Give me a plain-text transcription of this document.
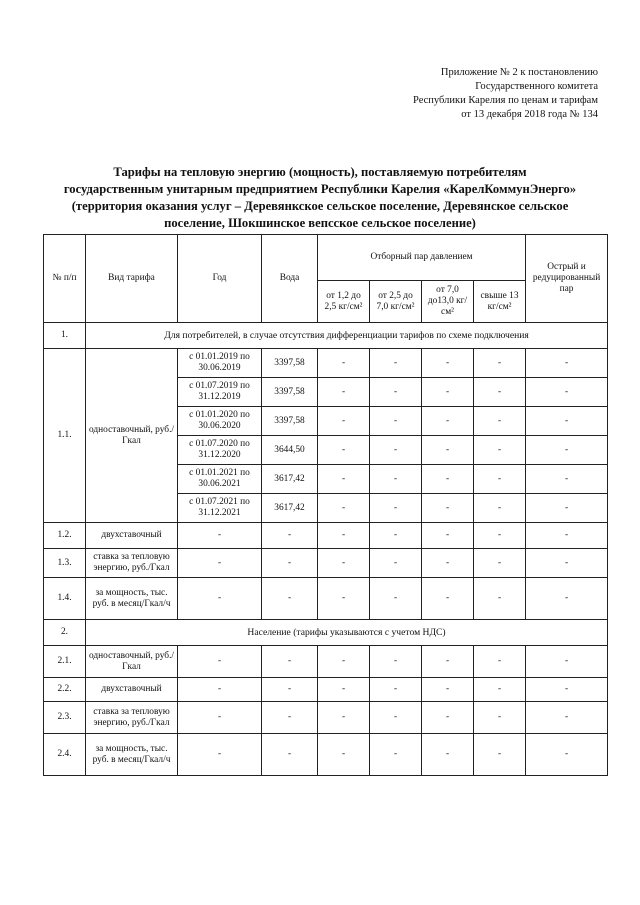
Приложение № 2 к постановлению
Государственного комитета
Республики Карелия по ценам и тарифам
от 13 декабря 2018 года № 134
Тарифы на тепловую энергию (мощность), поставляемую потребителям
государственным унитарным предприятием Республики Карелия «КарелКоммунЭнерго»
(территория оказания услуг – Деревянкское сельское поселение, Деревянское сельское
поселение, Шокшинское вепсское сельское поселение)
№ п/п	Вид тарифа	Год	Вода	Отборный пар давлением				Острый и редуцированный пар
				от 1,2 до 2,5 кг/см²	от 2,5 до 7,0 кг/см²	от 7,0 до13,0 кг/см²	свыше 13 кг/см²	
1.	Для потребителей, в случае отсутствия дифференциации тарифов по схеме подключения							
1.1.	одноставочный, руб./Гкал	с 01.01.2019 по 30.06.2019	3397,58	-	-	-	-	-
		с 01.07.2019 по 31.12.2019	3397,58	-	-	-	-	-
		с 01.01.2020 по 30.06.2020	3397,58	-	-	-	-	-
		с 01.07.2020 по 31.12.2020	3644,50	-	-	-	-	-
		с 01.01.2021 по 30.06.2021	3617,42	-	-	-	-	-
		с 01.07.2021 по 31.12.2021	3617,42	-	-	-	-	-
1.2.	двухставочный	-	-	-	-	-	-	-
1.3.	ставка за тепловую энергию, руб./Гкал	-	-	-	-	-	-	-
1.4.	за мощность, тыс. руб. в месяц/Гкал/ч	-	-	-	-	-	-	-
2.	Население (тарифы указываются с учетом НДС)							
2.1.	одноставочный, руб./Гкал	-	-	-	-	-	-	-
2.2.	двухставочный	-	-	-	-	-	-	-
2.3.	ставка за тепловую энергию, руб./Гкал	-	-	-	-	-	-	-
2.4.	за мощность, тыс. руб. в месяц/Гкал/ч	-	-	-	-	-	-	-
